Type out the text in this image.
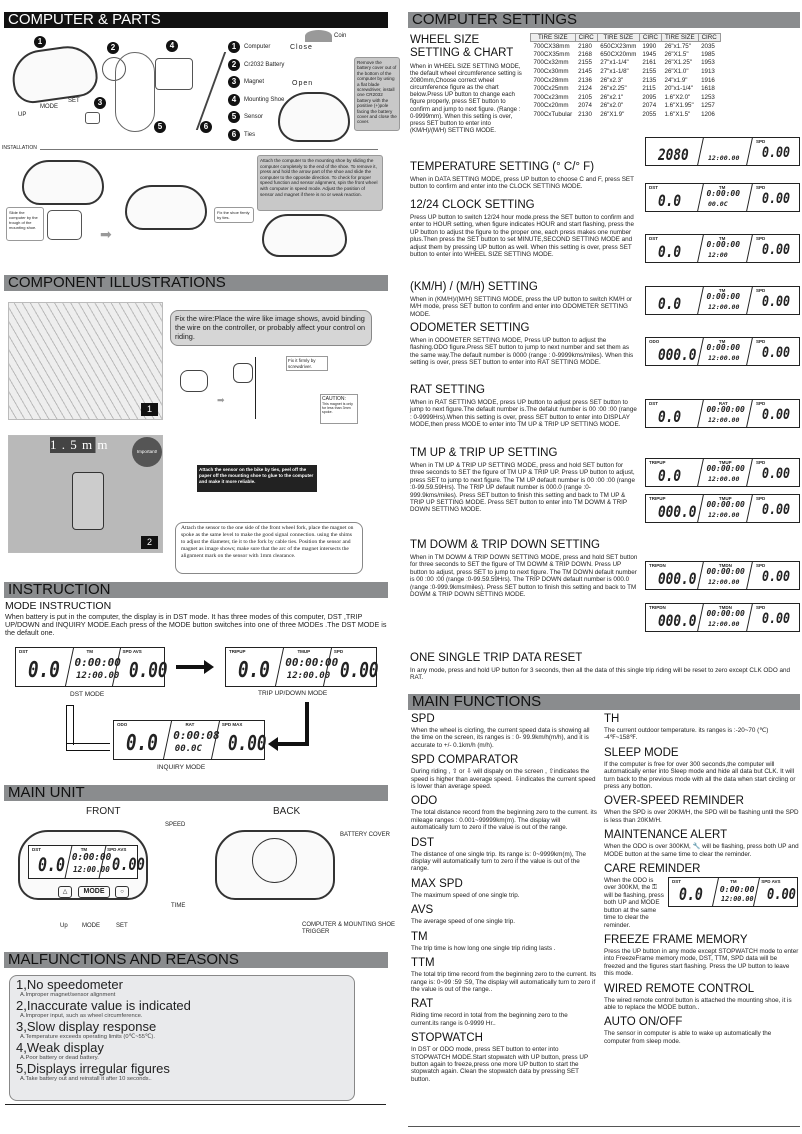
COMPUTER & PARTS
1
UP
MODE
SET
2
3
4
5	6
1	Computer
2	Cr2032 Battery
3	Magnet
4	Mounting Shoe
5	Sensor
6	Ties
Close
Open
Coin
Remove the battery cover out of the bottom of the computer by using a flat blade screwdriver, install one CR2032 battery with the positive (+)pole facing the battery cover and close the cover.
INSTALLATION
Slide the computer by the trough of the mounting shoe.	➡
Fix the shoe firmly by ties.
Attach the computer to the mounting shoe by sliding the computer completely to the end of the shoe. To remove it, press and hold the arrow part of the shoe and slide the computer to the opposite direction. To check for proper speed function and sensor alignment, spin the front wheel with computer in speed mode. Adjust the position of sensor and magnet if there is no or weak reaction.
COMPONENT ILLUSTRATIONS
1
Fix the wire:Place the wire like image shows, avoid binding the wire on the controller, or probably affect your control on riding.
➡
Fix it firmly by screwdriver.
CAUTION:
This magnet is only for less than 3mm spoke.
1 . 5 m m	Important!
2
Attach the sensor on the bike by ties, peel off the paper off the mounting shoe to glue to the computer and make it more reliable.
Attach the sensor to the one side of the front wheel fork, place the magnet on spoke as the same level to make the good signal connection. using the shims to adjust the diameter, tie it to the fork by cable ties. Position the sensor and magnet as image shows; make sure that the arc of the magnet intersects the alignment mark on the sensor with 1mm clearance.
INSTRUCTION
MODE INSTRUCTION
When battery is put in the computer, the display is in DST mode. It has three modes of this computer, DST ,TRIP UP/DOWN and INQUIRY MODE.Each press of the MODE button switches into one of three MODEs .The DST MODE is the default one.
DST MODE	TRIP UP/DOWN MODE
INQUIRY MODE
MAIN UNIT
FRONT	BACK
△	MODE	○
SPEED
TIME
Up MODE	SET
BATTERY COVER
COMPUTER & MOUNTING SHOE TRIGGER
MALFUNCTIONS AND REASONS
1,No speedometer
A.Improper magnet/sensor alignment
2,Inaccurate value is indicated
A.Improper input, such as wheel circumference.
3,Slow display response
A.Temperature exceeds operating limits (0℃~55℃).
4,Weak display
A.Poor battery or dead battery.
5,Displays irregular figures
A.Take battery out and reinstall it after 10 seconds..
COMPUTER SETTINGS
WHEEL SIZE
SETTING & CHART
When in WHEEL SIZE SETTING MODE, the default wheel circumference setting is 2080mm,Choose correct wheel circumference figure as the chart below.Press UP button to change each figure properly, press SET button to confirm and jump to next figure. (Range : 0-9999mm). When this setting is over, press SET button to enter into (KM/H)/(M/H) SETTING MODE.
TIRE SIZE	CIRC	TIRE SIZE	CIRC	TIRE SIZE	CIRC
700CX38mm	2180	650CX23mm	1990	26"x1.75"	2035
700CX35mm	2168	650CX20mm	1945	26"X1.5"	1985
700Cx32mm	2155	27"x1-1/4"	2161	26"X1.25"	1953
700Cx30mm	2145	27"x1-1/8"	2155	26"X1.0"	1913
700Cx28mm	2136	26"x2.3"	2135	24"x1.9"	1916
700Cx25mm	2124	26"x2.25"	2115	20"x1-1/4"	1618
700Cx23mm	2105	26"x2.1"	2095	1.6"X2.0"	1253
700Cx20mm	2074	26"x2.0"	2074	1.6"X1.95"	1257
700CxTubular	2130	26"X1.9"	2055	1.6"X1.5"	1206
TEMPERATURE SETTING (° C/° F)
When in DATA SETTING MODE, press UP button to choose C and F, press SET button to confirm and enter into the CLOCK SETTING MODE.
12/24 CLOCK SETTING
Press UP button to switch 12/24 hour mode.press the SET button to confirm and enter to HOUR setting, when figure indicates HOUR and start flashing, press the UP button to adjust the figure to the proper one, each press makes one number plus.Then press the SET button to set MINUTE,SECOND SETTING MODE and adjust them by pressing UP button as well. When this setting is over, press SET button to enter into WHEEL SIZE SETTING MODE.
(KM/H) / (M/H) SETTING
When in (KM/H)/(M/H) SETTING MODE, press the UP button to switch KM/H or M/H mode, press SET button to confirm and enter into ODOMETER SETTING MODE.
ODOMETER SETTING
When in ODOMETER SETTING MODE, Press UP button to adjust the flashing.ODO figure.Press SET button to jump to next number and set them as the same way.The default number is 0000 (range : 0-9999kms/miles). When this setting is over, press SET button to enter into RAT SETTING MODE.
RAT SETTING
When in RAT SETTING MODE, press UP button to adjust press SET button to jump to next figure.The default number is.The defalut number is 00 :00 :00 (range : 0-9999Hrs).When this setting is over, press SET button to enter into DISPLAY MODE,then press MODE to enter into TM UP & TRIP UP SETTING MODE.
TM UP & TRIP UP SETTING
When in TM UP & TRIP UP SETTING MODE, press and hold SET button for three seconds to SET the figure of TM UP & TRIP UP. Press UP button to adjust, press SET to jump to next figure. The TM UP default number is 00 :00 :00 (range :0-99.59.59Hrs). The TRIP UP default number is 000.0 (range :0-999.9kms/miles). Press SET button to finish this setting and back to TM UP & TRIP UP SETTING MODE. Press SET button to enter into TM DOWM & TRIP DOWN SETTING MODE.
TM DOWM & TRIP DOWN SETTING
When in TM DOWM & TRIP DOWN SETTING MODE, press and hold SET button for three seconds to SET the figure of TM DOWM & TRIP DOWN. Press UP button to adjust, press SET to jump to next figure. The TM DOWN default number is 00 :00 :00 (range :0-99.59.59Hrs). The TRIP DOWN default number is 000.0 (range :0-999.9kms/miles). Press SET button to finish this setting and back to TM DOWM & TRIP DOWN SETTING MODE.
ONE SINGLE TRIP DATA RESET
In any mode, press and hold UP button for 3 seconds, then all the data of this single trip riding will be reset to zero except CLK ODO and RAT.
MAIN FUNCTIONS
SPD
When the wheel is cicrling, the current speed data is showing all the time on the screen, its ranges is : 0- 99.9km/h(m/h), and it is accurate to +/- 0.1km/h (m/h).
SPD COMPARATOR
During riding , ⇧ or ⇩ will dispaly on the screen , ⇧indicates the speed is higher than average speed. ⇩indicates the current speed is lower than average speed.
ODO
The total distance record from the beginning zero to the current. its mileage ranges : 0.001~99999km(m). The display will automatically turn to zero if the value is out of the range.
DST
The distance of one single trip. Its range is: 0~9999km(m), The display will automatically turn to zero if the value is out of the range.
MAX SPD
The maximum speed of one single trip.
AVS
The average speed of one single trip.
TM
The trip time is how long one single trip riding lasts .
TTM
The total trip time record from the beginning zero to the current. Its range is: 0~99 :59 :59, The display will automatically turn to zero if the value is out of the range..
RAT
Riding time record in total from the beginning zero to the current.its range is 0-9999 Hr..
STOPWATCH
In DST or ODO mode, press SET button to enter into STOPWATCH MODE.Start stopwatch with UP button, press UP button again to freeze,press one more UP button to start the stopwatch again. Clean the stopwatch data by pressing SET button.
TH
The current outdoor temperature. its ranges is :-20~70 (℃) -4℉~158℉.
SLEEP MODE
If the computer is free for over 300 seconds,the computer will automatically enter into Sleep mode and hide all data but CLK. It will turn back to the previous mode with all the data when start circling or press any botton.
OVER-SPEED REMINDER
When the SPD is over 20KM/H, the SPD will be flashing until the SPD is less than 20KM/H.
MAINTENANCE ALERT
When the ODO is over 300KM, 🔧 will be flashing, press both UP and MODE button at the same time to clear the reminder.
CARE REMINDER
When the ODO is over 300KM, the ⚿ will be flashing, press both UP and MODE button at the same time to clear the reminder.
DST
0.0
TM
0:00:00
12:00.00
SPD AVS
0.00
FREEZE FRAME MEMORY
Press the UP button in any mode except STOPWATCH mode to enter into FreezeFrame memory mode, DST, TTM, SPD data will be freezed and the figures start flashing. Press the UP button to leave this mode.
WIRED REMOTE CONTROL
The wired remote control button is attached the mounting shoe, it is able to replace the MODE button..
AUTO ON/OFF
The sensor in computer is able to wake up automatically the computer from sleep mode.
DST
0.0
TM
0:00:00
12:00.00
SPD AVS
0.00
TRIPUP
0.0
TMUP
00:00:00
12:00.00
SPD
0.00
ODO
0.0
RAT
0:00:08
00.0C
SPD MAX
0.00
DST
0.0
TM
0:00:00
12:00.00
SPD AVS
0.00
2080	12:00.00
SPD
0.00
DST
0.0
TM
0:00:00
00.0C
SPD
0.00
DST
0.0
TM
0:00:00
12:00
SPD
0.00
0.0
TM
0:00:00
12:00.00
SPD
0.00
ODO
000.0
TM
0:00:00
12:00.00
SPD
0.00
DST
0.0
RAT
00:00:00
12:00.00
SPD
0.00
TRIPUP
0.0
TMUP
00:00:00
12:00.00
SPD
0.00
TRIPUP
000.0
TMUP
00:00:00
12:00.00
SPD
0.00
TRIPDN
000.0
TMDN
00:00:00
12:00.00
SPD
0.00
TRIPDN
000.0
TMDN
00:00:00
12:00.00
SPD
0.00
